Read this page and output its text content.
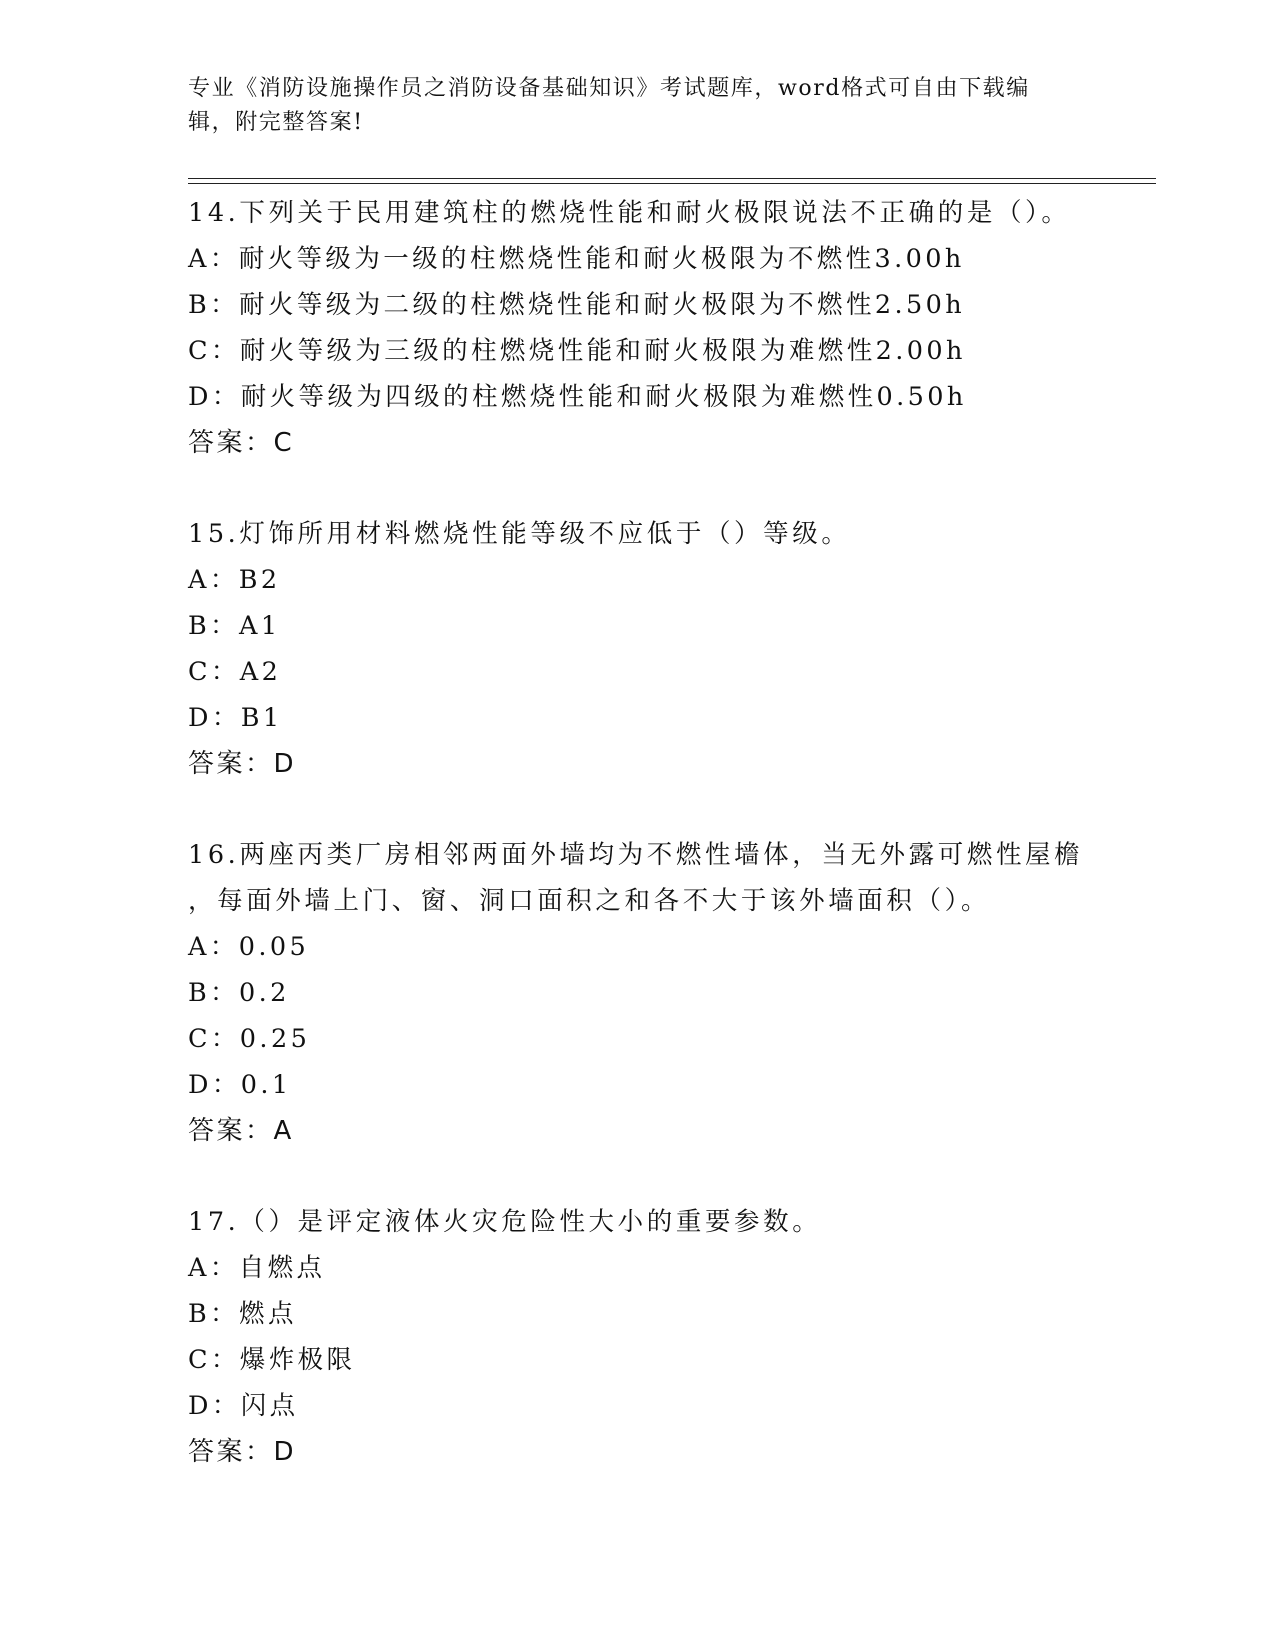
专业《消防设施操作员之消防设备基础知识》考试题库，word格式可自由下载编
辑，附完整答案!
14.下列关于民用建筑柱的燃烧性能和耐火极限说法不正确的是（）。
A：耐火等级为一级的柱燃烧性能和耐火极限为不燃性3.00h
B：耐火等级为二级的柱燃烧性能和耐火极限为不燃性2.50h
C：耐火等级为三级的柱燃烧性能和耐火极限为难燃性2.00h
D：耐火等级为四级的柱燃烧性能和耐火极限为难燃性0.50h
答案：C
15.灯饰所用材料燃烧性能等级不应低于（）等级。
A：B2
B：A1
C：A2
D：B1
答案：D
16.两座丙类厂房相邻两面外墙均为不燃性墙体，当无外露可燃性屋檐
，每面外墙上门、窗、洞口面积之和各不大于该外墙面积（）。
A：0.05
B：0.2
C：0.25
D：0.1
答案：A
17.（）是评定液体火灾危险性大小的重要参数。
A：自燃点
B：燃点
C：爆炸极限
D：闪点
答案：D
